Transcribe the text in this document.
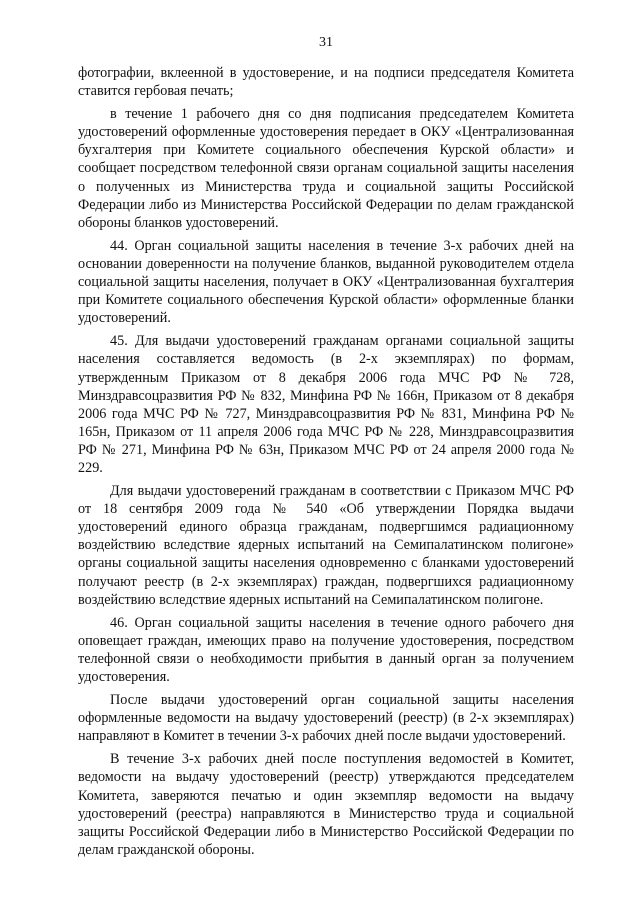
31

фотографии, вклеенной в удостоверение, и на подписи председателя Комитета ставится гербовая печать;

в течение 1 рабочего дня со дня подписания председателем Комитета удостоверений оформленные удостоверения передает в ОКУ «Централизованная бухгалтерия при Комитете социального обеспечения Курской области» и сообщает посредством телефонной связи органам социальной защиты населения о полученных из Министерства труда и социальной защиты Российской Федерации либо из Министерства Российской Федерации по делам гражданской обороны бланков удостоверений.

44. Орган социальной защиты населения в течение 3-х рабочих дней на основании доверенности на получение бланков, выданной руководителем отдела социальной защиты населения, получает в ОКУ «Централизованная бухгалтерия при Комитете социального обеспечения Курской области» оформленные бланки удостоверений.

45. Для выдачи удостоверений гражданам органами социальной защиты населения составляется ведомость (в 2-х экземплярах) по формам, утвержденным Приказом от 8 декабря 2006 года МЧС РФ № 728, Минздравсоцразвития РФ № 832, Минфина РФ № 166н, Приказом от 8 декабря 2006 года МЧС РФ № 727, Минздравсоцразвития РФ № 831, Минфина РФ № 165н, Приказом от 11 апреля 2006 года МЧС РФ № 228, Минздравсоцразвития РФ № 271, Минфина РФ № 63н, Приказом МЧС РФ от 24 апреля 2000 года № 229.

Для выдачи удостоверений гражданам в соответствии с Приказом МЧС РФ от 18 сентября 2009 года № 540 «Об утверждении Порядка выдачи удостоверений единого образца гражданам, подвергшимся радиационному воздействию вследствие ядерных испытаний на Семипалатинском полигоне» органы социальной защиты населения одновременно с бланками удостоверений получают реестр (в 2-х экземплярах) граждан, подвергшихся радиационному воздействию вследствие ядерных испытаний на Семипалатинском полигоне.

46. Орган социальной защиты населения в течение одного рабочего дня оповещает граждан, имеющих право на получение удостоверения, посредством телефонной связи о необходимости прибытия в данный орган за получением удостоверения.

После выдачи удостоверений орган социальной защиты населения оформленные ведомости на выдачу удостоверений (реестр) (в 2-х экземплярах) направляют в Комитет в течении 3-х рабочих дней после выдачи удостоверений.

В течение 3-х рабочих дней после поступления ведомостей в Комитет, ведомости на выдачу удостоверений (реестр) утверждаются председателем Комитета, заверяются печатью и один экземпляр ведомости на выдачу удостоверений (реестра) направляются в Министерство труда и социальной защиты Российской Федерации либо в Министерство Российской Федерации по делам гражданской обороны.
